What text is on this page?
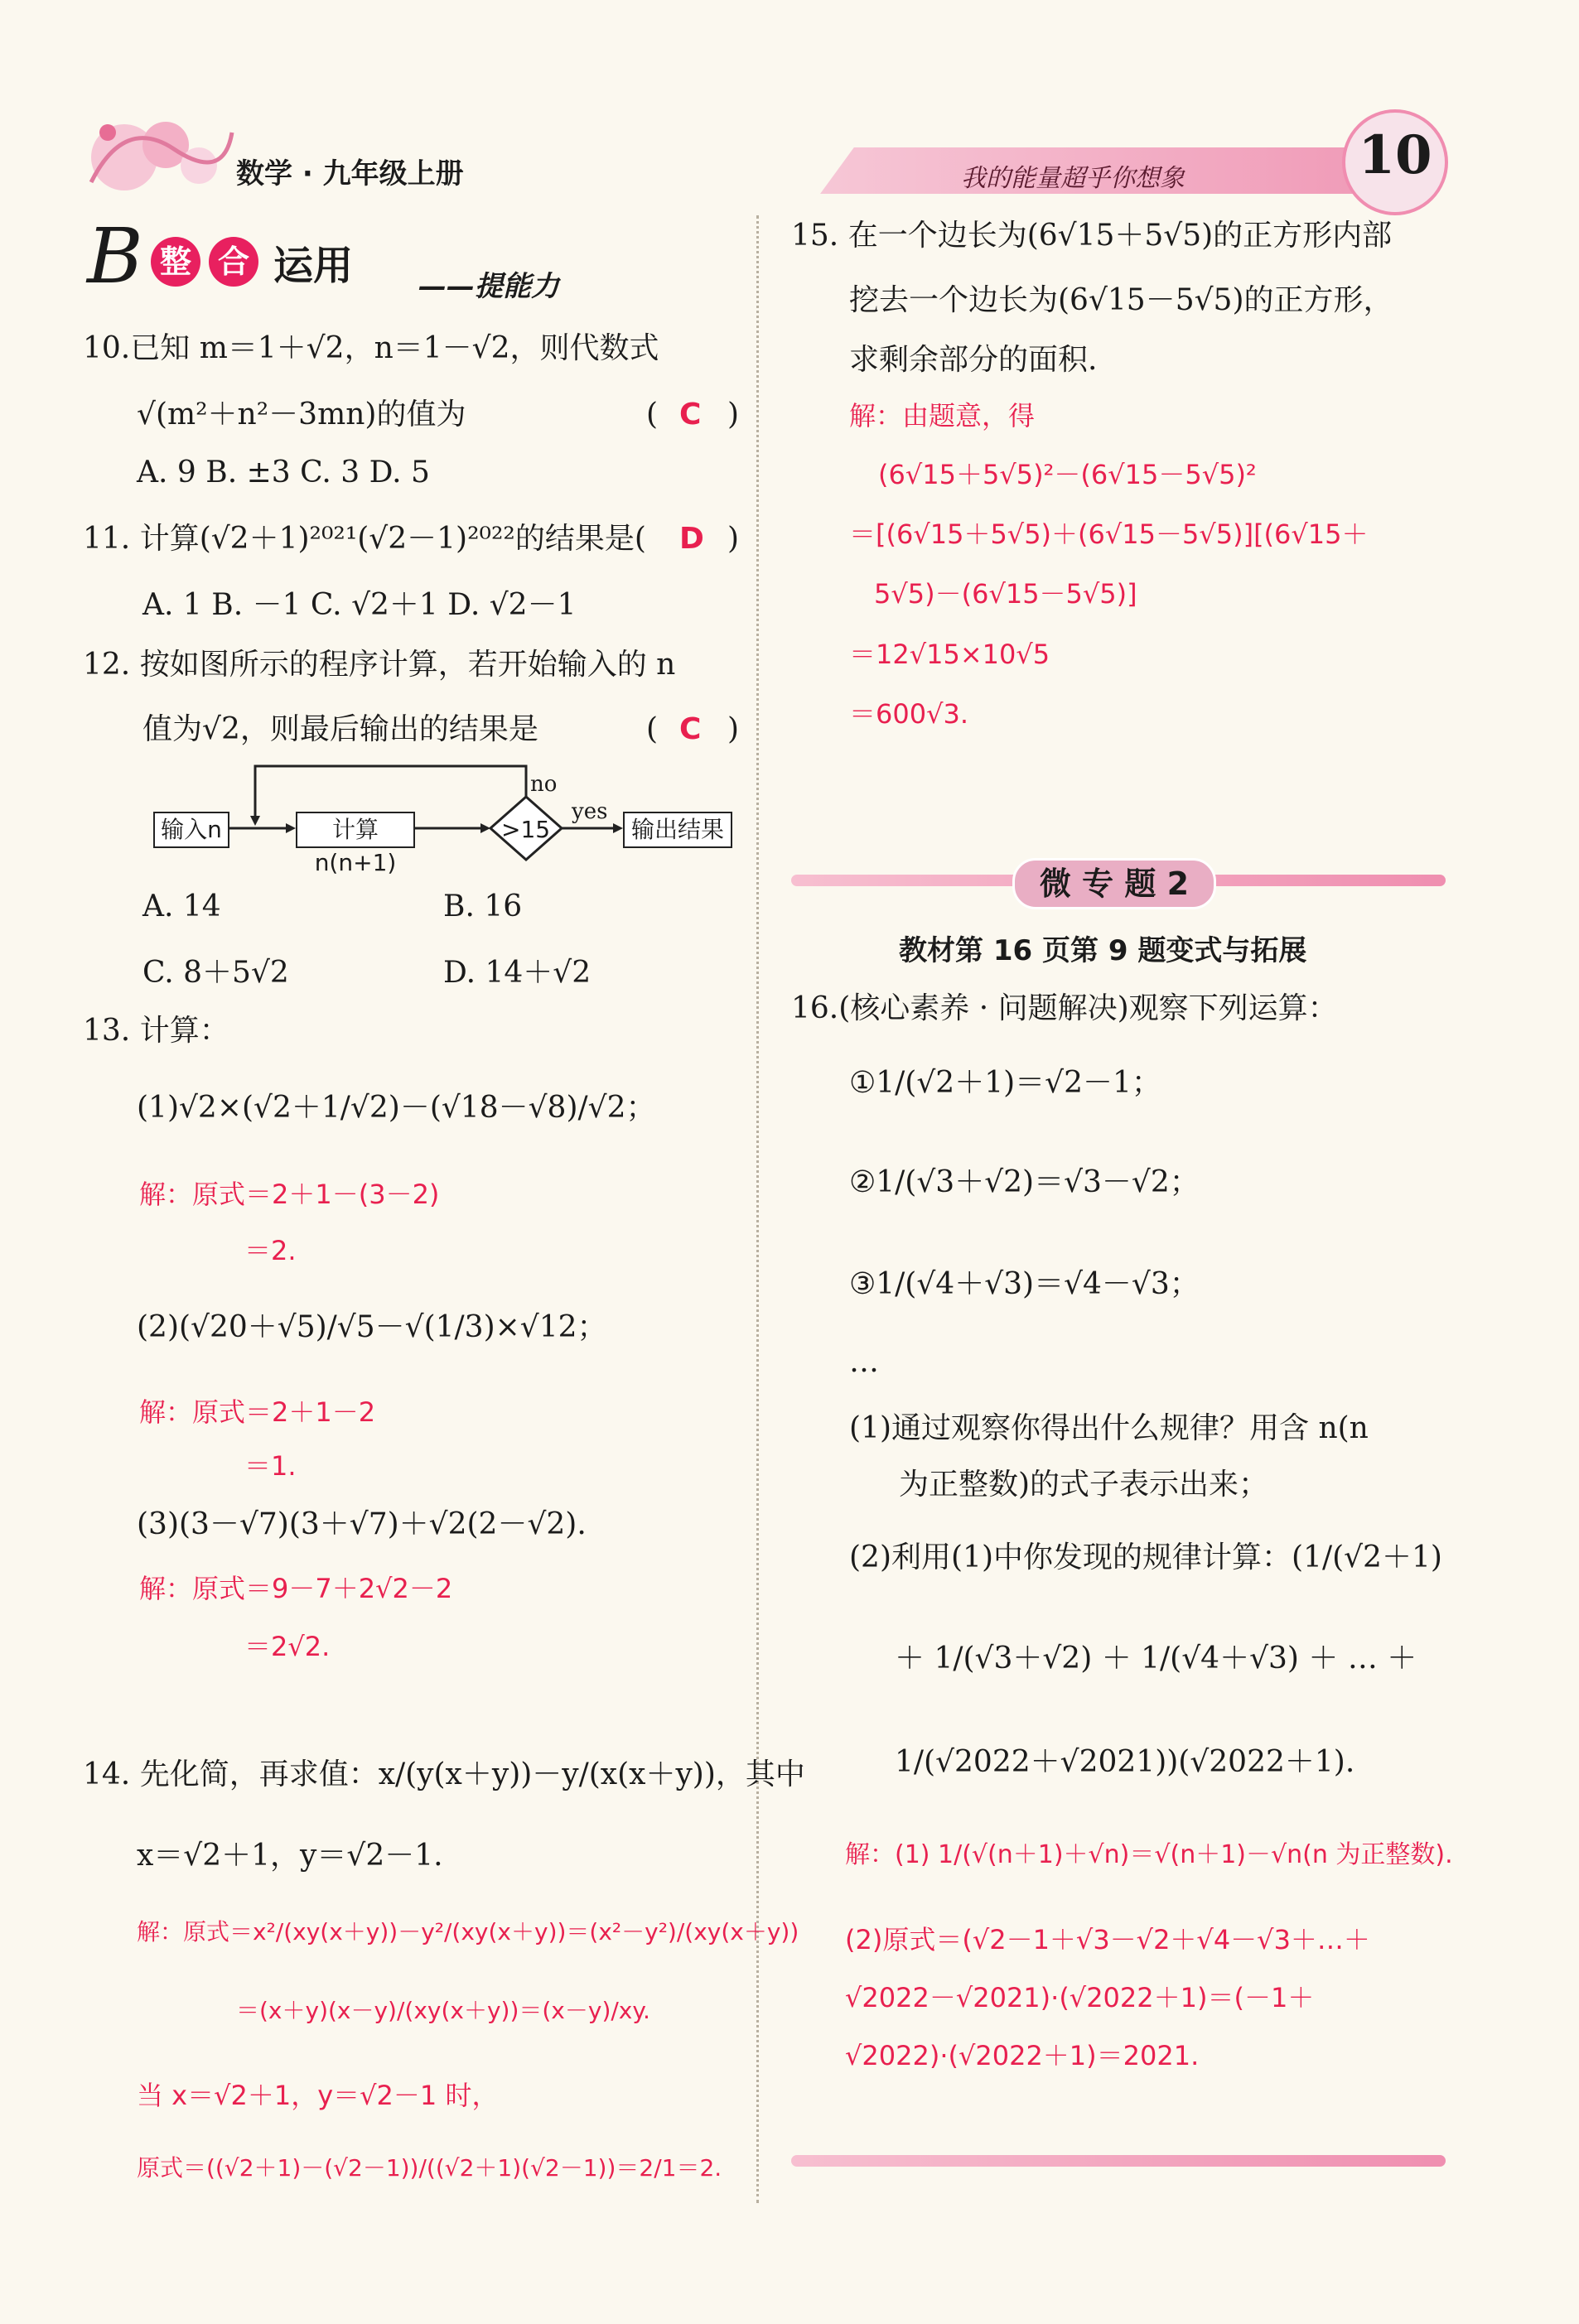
数学 · 九年级上册	我的能量超乎你想象	10
B 整 合 运用 ——提能力
10.已知 m＝1＋√2，n＝1－√2，则代数式
√(m²＋n²－3mn)的值为	( C )
A. 9 B. ±3 C. 3 D. 5
11. 计算(√2＋1)²⁰²¹(√2－1)²⁰²²的结果是( D )
A. 1 B. －1 C. √2＋1 D. √2－1
12. 按如图所示的程序计算，若开始输入的 n
值为√2，则最后输出的结果是	( C )
输入n	计算n(n+1)
>15	输出结果
no
yes
A. 14	B. 16
C. 8＋5√2	D. 14＋√2
13. 计算：
(1)√2×(√2＋1/√2)－(√18－√8)/√2；
解：原式＝2＋1－(3－2)
＝2.
(2)(√20＋√5)/√5－√(1/3)×√12；
解：原式＝2＋1－2
＝1.
(3)(3－√7)(3＋√7)＋√2(2－√2).
解：原式＝9－7＋2√2－2
＝2√2.
14. 先化简，再求值：x/(y(x＋y))－y/(x(x＋y))，其中
x＝√2＋1，y＝√2－1.
解：原式＝x²/(xy(x＋y))－y²/(xy(x＋y))＝(x²－y²)/(xy(x＋y))
＝(x＋y)(x－y)/(xy(x＋y))＝(x－y)/xy.
当 x＝√2＋1，y＝√2－1 时，
原式＝((√2＋1)－(√2－1))/((√2＋1)(√2－1))＝2/1＝2.
15. 在一个边长为(6√15＋5√5)的正方形内部
挖去一个边长为(6√15－5√5)的正方形，
求剩余部分的面积.
解：由题意，得
(6√15＋5√5)²－(6√15－5√5)²
＝[(6√15＋5√5)＋(6√15－5√5)][(6√15＋
5√5)－(6√15－5√5)]
＝12√15×10√5
＝600√3.
微 专 题 2
教材第 16 页第 9 题变式与拓展
16.(核心素养 · 问题解决)观察下列运算：
①1/(√2＋1)＝√2－1；
②1/(√3＋√2)＝√3－√2；
③1/(√4＋√3)＝√4－√3；
…
(1)通过观察你得出什么规律？用含 n(n
为正整数)的式子表示出来；
(2)利用(1)中你发现的规律计算：(1/(√2＋1)
＋ 1/(√3＋√2) ＋ 1/(√4＋√3) ＋ … ＋
1/(√2022＋√2021))(√2022＋1).
解：(1) 1/(√(n＋1)＋√n)＝√(n＋1)－√n(n 为正整数).
(2)原式＝(√2－1＋√3－√2＋√4－√3＋…＋
√2022－√2021)·(√2022＋1)＝(－1＋
√2022)·(√2022＋1)＝2021.
